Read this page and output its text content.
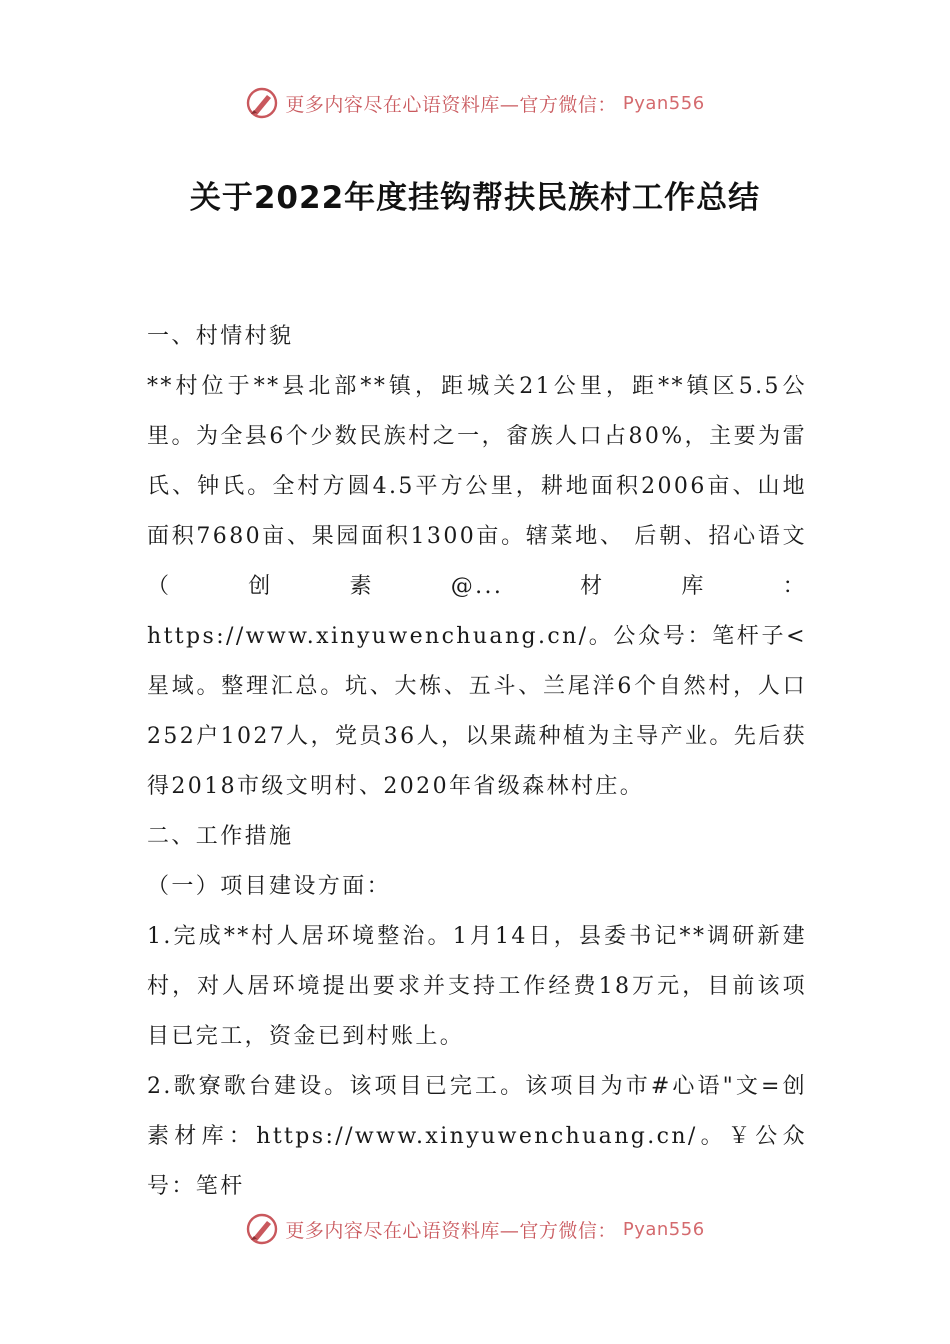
更多内容尽在心语资料库—官方微信： Pyan556
关于2022年度挂钩帮扶民族村工作总结

一、村情村貌

**村位于**县北部**镇，距城关21公里，距**镇区5.5公里。为全县6个少数民族村之一，畲族人口占80%，主要为雷氏、钟氏。全村方圆4.5平方公里，耕地面积2006亩、山地面积7680亩、果园面积1300亩。辖菜地、 后朝、招心语文（创素@...材库：https://www.xinyuwenchuang.cn/。公众号：笔杆子<星域。整理汇总。坑、大栋、五斗、兰尾洋6个自然村，人口252户1027人，党员36人，以果蔬种植为主导产业。先后获得2018市级文明村、2020年省级森林村庄。

二、工作措施

（一）项目建设方面：

1.完成**村人居环境整治。1月14日，县委书记**调研新建村，对人居环境提出要求并支持工作经费18万元，目前该项目已完工，资金已到村账上。

2.歌寮歌台建设。该项目已完工。该项目为市#心语"文=创素材库：https://www.xinyuwenchuang.cn/。￥公众号：笔杆

更多内容尽在心语资料库—官方微信： Pyan556
